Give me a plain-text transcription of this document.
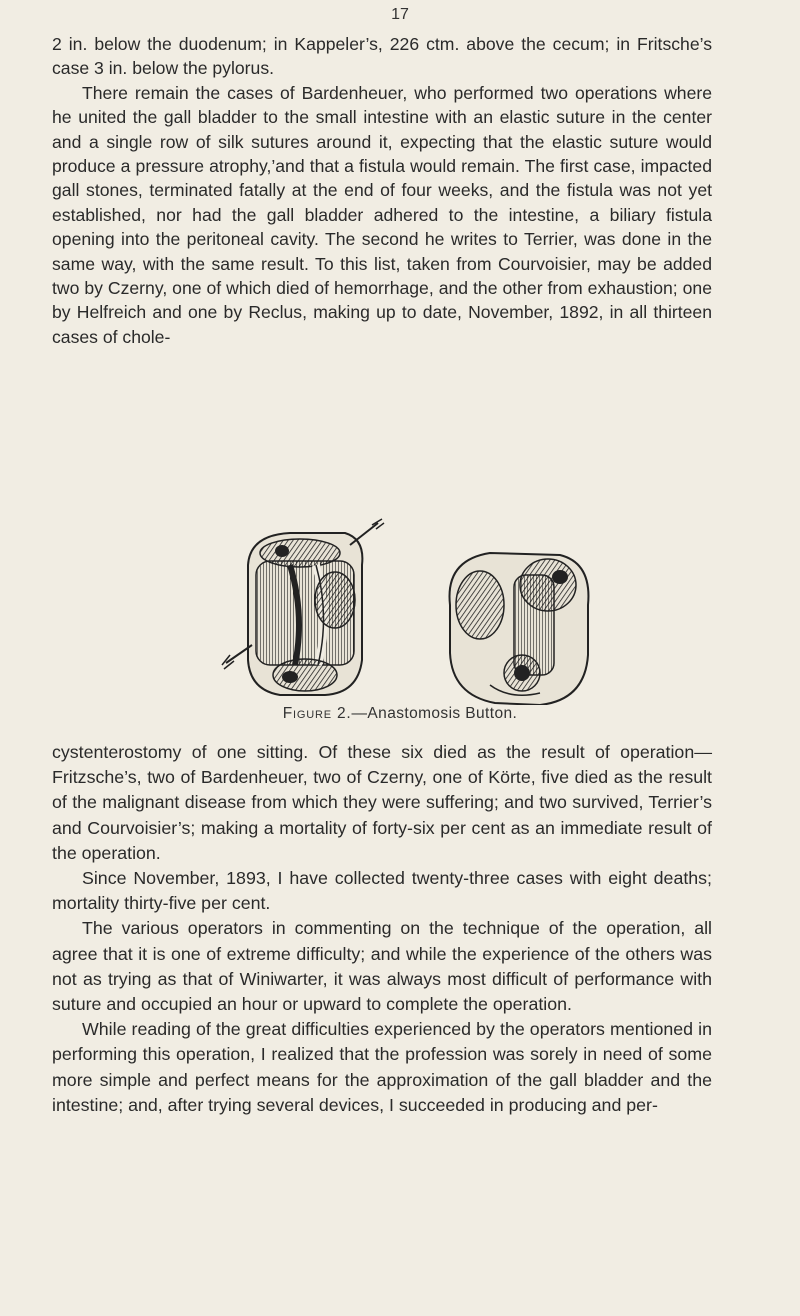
17

2 in. below the duodenum; in Kappeler’s, 226 ctm. above the cecum; in Fritsche’s case 3 in. below the pylorus.

There remain the cases of Bardenheuer, who performed two operations where he united the gall bladder to the small intestine with an elastic suture in the center and a single row of silk sutures around it, expecting that the elastic suture would produce a pressure atrophy,’and that a fistula would remain. The first case, impacted gall stones, terminated fatally at the end of four weeks, and the fistula was not yet established, nor had the gall bladder adhered to the intestine, a biliary fistula opening into the peritoneal cavity. The second he writes to Terrier, was done in the same way, with the same result. To this list, taken from Courvoisier, may be added two by Czerny, one of which died of hemorrhage, and the other from exhaustion; one by Helfreich and one by Reclus, making up to date, November, 1892, in all thirteen cases of chole-

Figure 2.—Anastomosis Button.

cystenterostomy of one sitting. Of these six died as the result of operation—Fritzsche’s, two of Bardenheuer, two of Czerny, one of Körte, five died as the result of the malignant disease from which they were suffering; and two survived, Terrier’s and Courvoisier’s; making a mortality of forty-six per cent as an immediate result of the operation.

Since November, 1893, I have collected twenty-three cases with eight deaths; mortality thirty-five per cent.

The various operators in commenting on the technique of the operation, all agree that it is one of extreme difficulty; and while the experience of the others was not as trying as that of Winiwarter, it was always most difficult of performance with suture and occupied an hour or upward to complete the operation.

While reading of the great difficulties experienced by the operators mentioned in performing this operation, I realized that the profession was sorely in need of some more simple and perfect means for the approximation of the gall bladder and the intestine; and, after trying several devices, I succeeded in producing and per-
